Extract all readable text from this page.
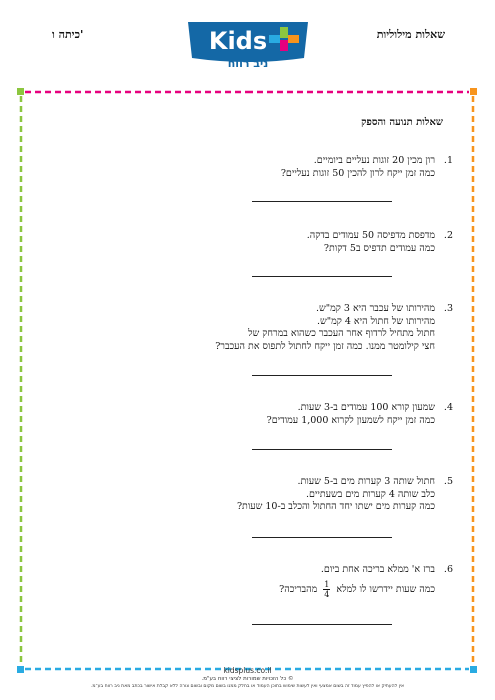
שאלות מילוליות
כיתה ו'	Kids
ניב רווח
שאלות תנועה והספק
1.
רון מכין 20 זוגות נעליים ביומיים.
כמה זמן ייקח לרון להכין 50 זוגות נעליים?
2.
מדפסת מדפיסה 50 עמודים בדקה.
כמה עמודים תדפיס ב5 דקות?
3.
מהירותו של עכבר היא 3 קמ"ש.
מהירותו של חתול היא 4 קמ"ש.
חתול מתחיל לרדוף אחר העכבר כשהוא במרחק של
חצי קילומטר ממנו. כמה זמן ייקח לחתול לתפוס את העכבר?
4.
שמעון קורא 100 עמודים ב-3 שעות.
כמה זמן ייקח לשמעון לקרוא 1,000 עמודים?
5.
חתול שותה 3 קערות מים ב-5 שעות.
כלב שותה 4 קערות מים בשעתיים.
כמה קערות מים ישתו יחד החתול והכלב ב-10 שעות?
6.
ברז א' ממלא בריכה אחת ביום.
כמה שעות יידרשו לו למלא
$\frac{1}{4}$
מהבריכה?
kidsplus.co.il
© כל הזכויות שמורות לציצי רווח בע"מ.
אין להעתיק או להפיץ עמוד זה בשום אמצעי ואין לעשות שימוש בתוכן העמוד או בחלק ממנו בשום מקום ובשום צורה ללא קבלת אישור בכתב מאת ניב רווח בע"מ.
